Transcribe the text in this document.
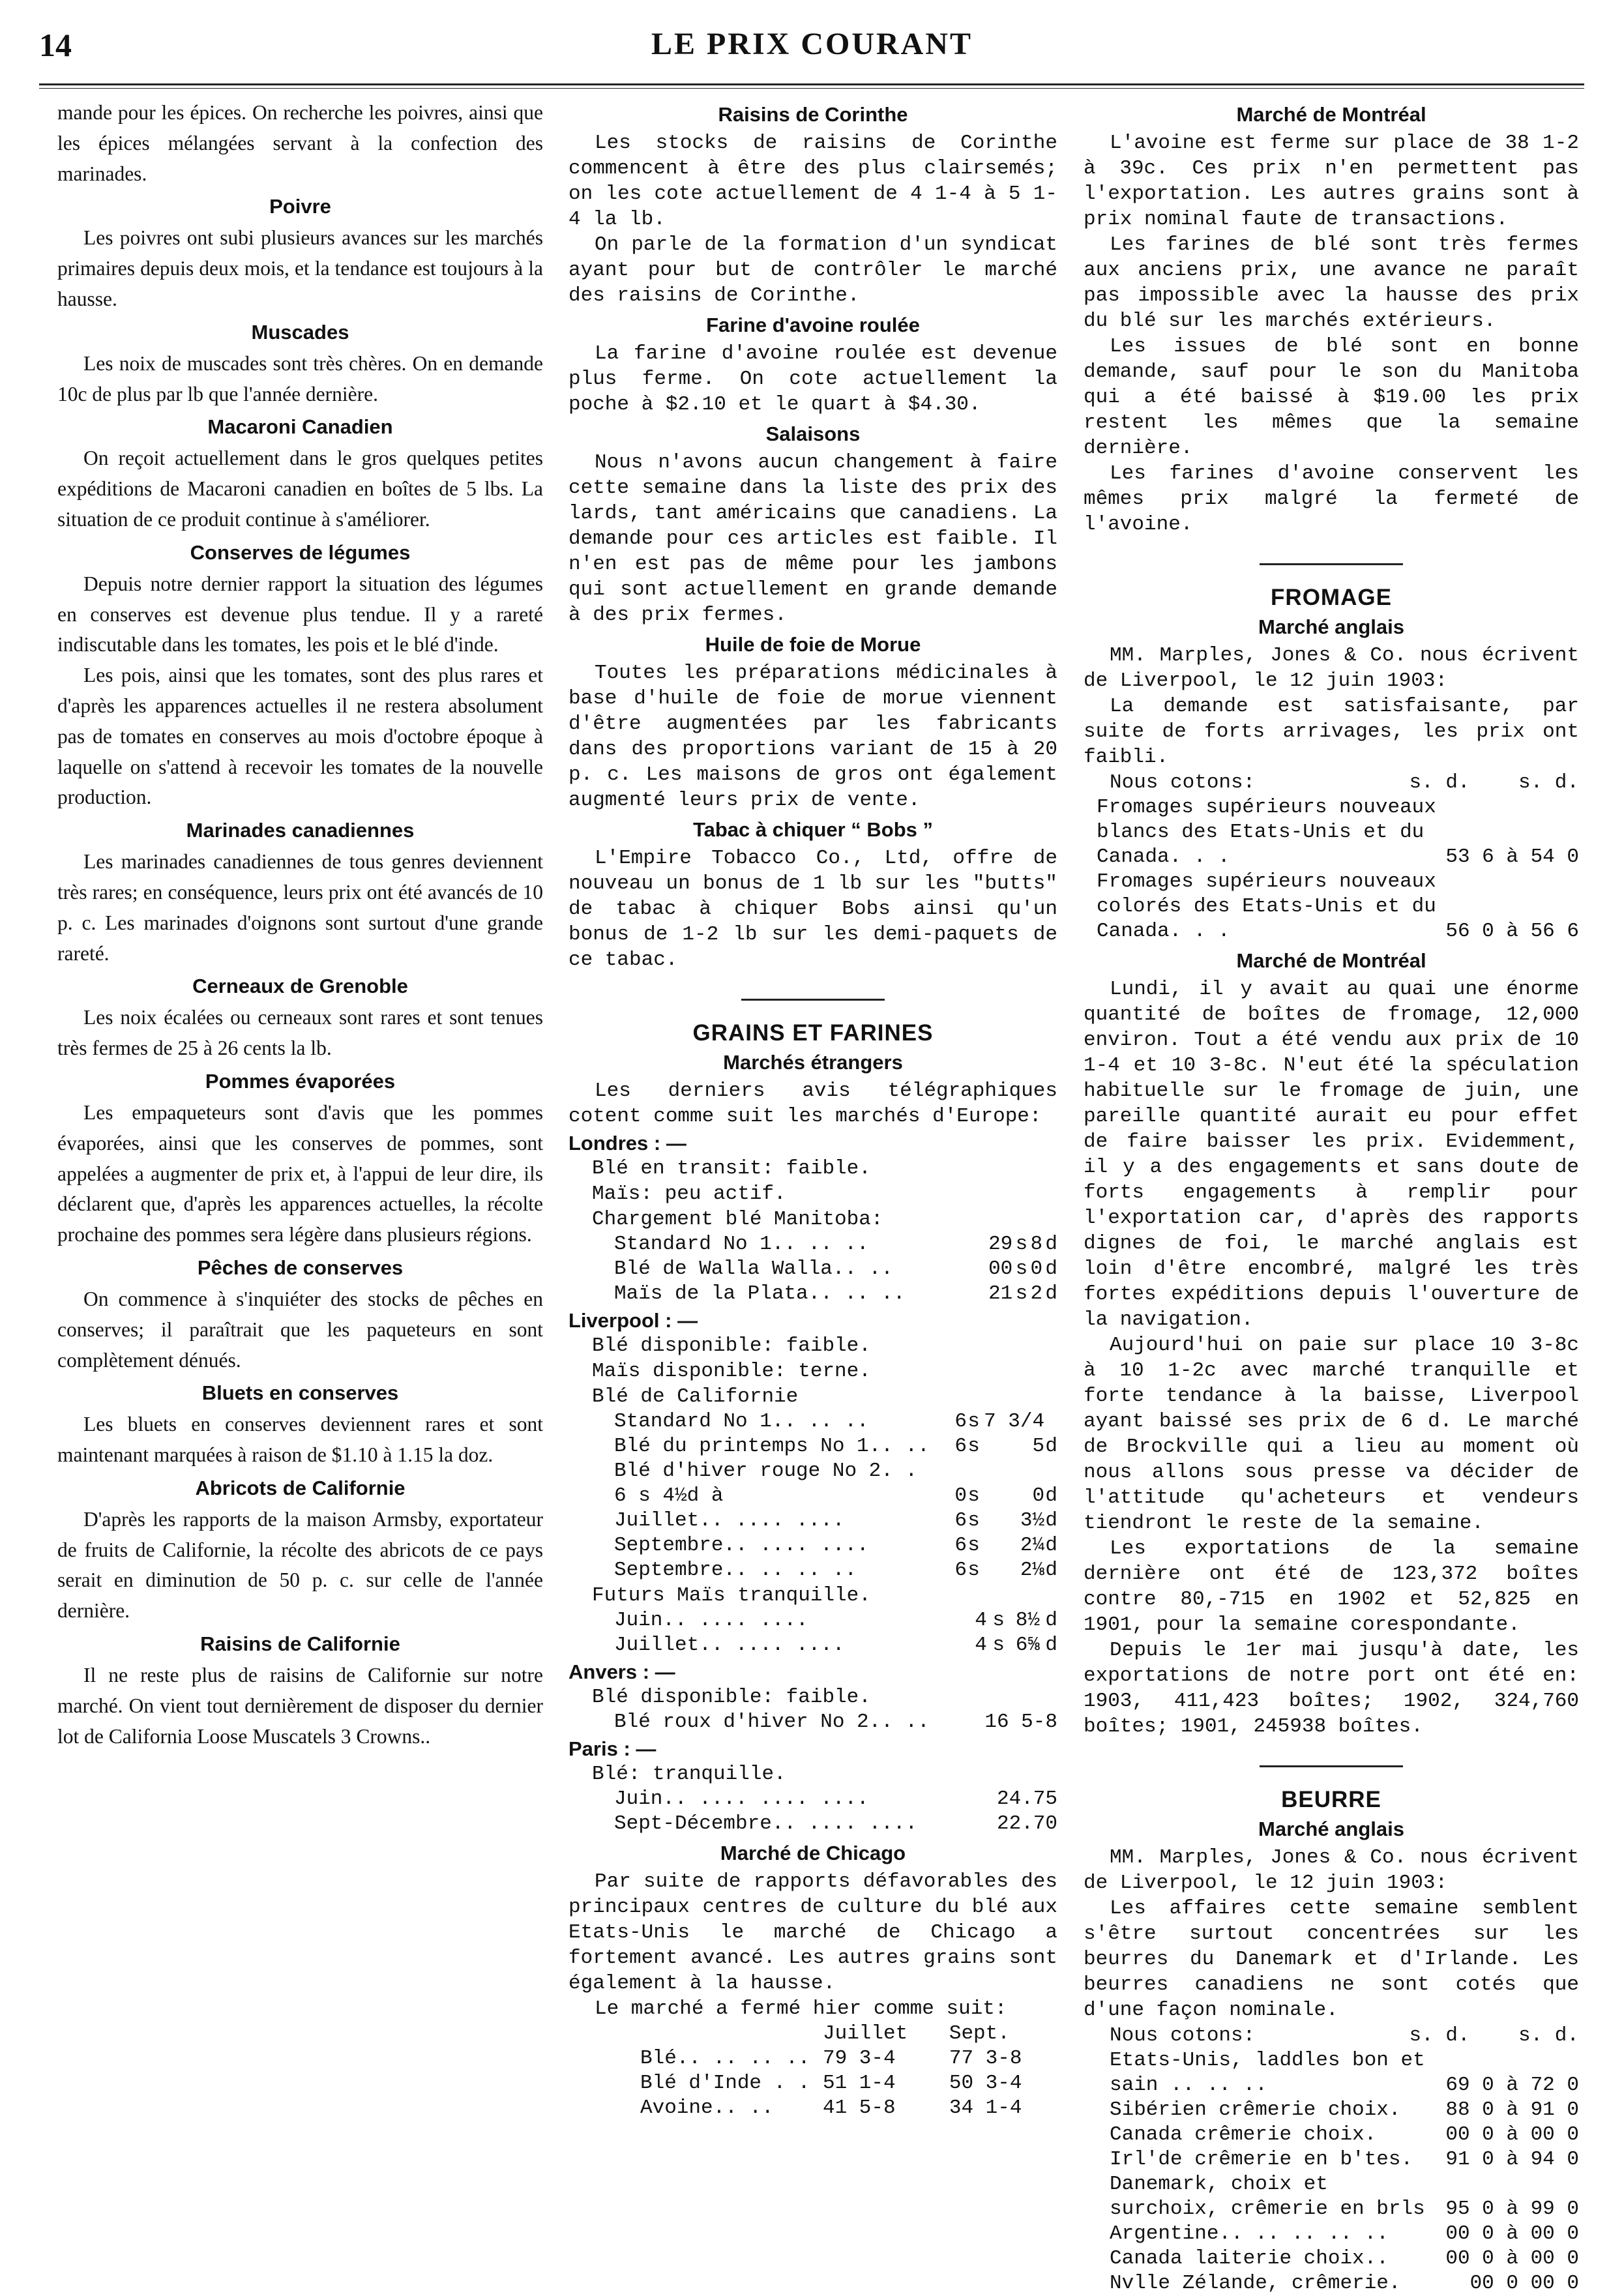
14	LE PRIX COURANT

mande pour les épices. On recherche les poivres, ainsi que les épices mélangées servant à la confection des marinades.

Poivre

Les poivres ont subi plusieurs avances sur les marchés primaires depuis deux mois, et la tendance est toujours à la hausse.

Muscades

Les noix de muscades sont très chères. On en demande 10c de plus par lb que l'année dernière.

Macaroni Canadien

On reçoit actuellement dans le gros quelques petites expéditions de Macaroni canadien en boîtes de 5 lbs. La situation de ce produit continue à s'améliorer.

Conserves de légumes

Depuis notre dernier rapport la situation des légumes en conserves est devenue plus tendue. Il y a rareté indiscutable dans les tomates, les pois et le blé d'inde.

Les pois, ainsi que les tomates, sont des plus rares et d'après les apparences actuelles il ne restera absolument pas de tomates en conserves au mois d'octobre époque à laquelle on s'attend à recevoir les tomates de la nouvelle production.

Marinades canadiennes

Les marinades canadiennes de tous genres deviennent très rares; en conséquence, leurs prix ont été avancés de 10 p. c. Les marinades d'oignons sont surtout d'une grande rareté.

Cerneaux de Grenoble

Les noix écalées ou cerneaux sont rares et sont tenues très fermes de 25 à 26 cents la lb.

Pommes évaporées

Les empaqueteurs sont d'avis que les pommes évaporées, ainsi que les conserves de pommes, sont appelées a augmenter de prix et, à l'appui de leur dire, ils déclarent que, d'après les apparences actuelles, la récolte prochaine des pommes sera légère dans plusieurs régions.

Pêches de conserves

On commence à s'inquiéter des stocks de pêches en conserves; il paraîtrait que les paqueteurs en sont complètement dénués.

Bluets en conserves

Les bluets en conserves deviennent rares et sont maintenant marquées à raison de $1.10 à 1.15 la doz.

Abricots de Californie

D'après les rapports de la maison Armsby, exportateur de fruits de Californie, la récolte des abricots de ce pays serait en diminution de 50 p. c. sur celle de l'année dernière.

Raisins de Californie

Il ne reste plus de raisins de Californie sur notre marché. On vient tout dernièrement de disposer du dernier lot de California Loose Muscatels 3 Crowns..

Raisins de Corinthe

Les stocks de raisins de Corinthe commencent à être des plus clairsemés; on les cote actuellement de 4 1-4 à 5 1-4 la lb.

On parle de la formation d'un syndicat ayant pour but de contrôler le marché des raisins de Corinthe.

Farine d'avoine roulée

La farine d'avoine roulée est devenue plus ferme. On cote actuellement la poche à $2.10 et le quart à $4.30.

Salaisons

Nous n'avons aucun changement à faire cette semaine dans la liste des prix des lards, tant américains que canadiens. La demande pour ces articles est faible. Il n'en est pas de même pour les jambons qui sont actuellement en grande demande à des prix fermes.

Huile de foie de Morue

Toutes les préparations médicinales à base d'huile de foie de morue viennent d'être augmentées par les fabricants dans des proportions variant de 15 à 20 p. c. Les maisons de gros ont également augmenté leurs prix de vente.

Tabac à chiquer “ Bobs ”

L'Empire Tobacco Co., Ltd, offre de nouveau un bonus de 1 lb sur les "butts" de tabac à chiquer Bobs ainsi qu'un bonus de 1-2 lb sur les demi-paquets de ce tabac.

GRAINS ET FARINES
Marchés étrangers

Les derniers avis télégraphiques cotent comme suit les marchés d'Europe:

Londres : —
Blé en transit: faible.
Maïs: peu actif.
Chargement blé Manitoba:
Standard No 1.. .. ..	29	s	8	d
Blé de Walla Walla.. ..	00	s	0	d
Maïs de la Plata.. .. ..	21	s	2	d
Liverpool : —
Blé disponible: faible.
Maïs disponible: terne.
Blé de Californie
Standard No 1.. .. ..	6	s	7 3/4	
Blé du printemps No 1.. ..	6	s	5	d
Blé d'hiver rouge No 2. .				
6 s 4½d à	0	s	0	d
Juillet.. .... ....	6	s	3½	d
Septembre.. .... ....	6	s	2¼	d
Septembre.. .. .. ..	6	s	2⅛	d
Futurs Maïs tranquille.
Juin.. .... ....	4	s	8½	d
Juillet.. .... ....	4	s	6⅝	d
Anvers : —
Blé disponible: faible.
Blé roux d'hiver No 2.. ..	16 5-8
Paris : —
Blé: tranquille.
Juin.. .... .... ....	24.75
Sept-Décembre.. .... ....	22.70
Marché de Chicago

Par suite de rapports défavorables des principaux centres de culture du blé aux Etats-Unis le marché de Chicago a fortement avancé. Les autres grains sont également à la hausse.

Le marché a fermé hier comme suit:

	Juillet	Sept.
Blé.. .. .. ..	79 3-4	77 3-8
Blé d'Inde . .	51 1-4	50 3-4
Avoine.. ..	41 5-8	34 1-4
Marché de Montréal

L'avoine est ferme sur place de 38 1-2 à 39c. Ces prix n'en permettent pas l'exportation. Les autres grains sont à prix nominal faute de transactions.

Les farines de blé sont très fermes aux anciens prix, une avance ne paraît pas impossible avec la hausse des prix du blé sur les marchés extérieurs.

Les issues de blé sont en bonne demande, sauf pour le son du Manitoba qui a été baissé à $19.00 les prix restent les mêmes que la semaine dernière.

Les farines d'avoine conservent les mêmes prix malgré la fermeté de l'avoine.

FROMAGE
Marché anglais

MM. Marples, Jones & Co. nous écrivent de Liverpool, le 12 juin 1903:

La demande est satisfaisante, par suite de forts arrivages, les prix ont faibli.

Nous cotons:	s. d. s. d.
Fromages supérieurs nouveaux blancs des Etats-Unis et du Canada. . .	53 6 à 54 0
Fromages supérieurs nouveaux colorés des Etats-Unis et du Canada. . .	56 0 à 56 6
Marché de Montréal

Lundi, il y avait au quai une énorme quantité de boîtes de fromage, 12,000 environ. Tout a été vendu aux prix de 10 1-4 et 10 3-8c. N'eut été la spéculation habituelle sur le fromage de juin, une pareille quantité aurait eu pour effet de faire baisser les prix. Evidemment, il y a des engagements et sans doute de forts engagements à remplir pour l'exportation car, d'après des rapports dignes de foi, le marché anglais est loin d'être encombré, malgré les très fortes expéditions depuis l'ouverture de la navigation.

Aujourd'hui on paie sur place 10 3-8c à 10 1-2c avec marché tranquille et forte tendance à la baisse, Liverpool ayant baissé ses prix de 6 d. Le marché de Brockville qui a lieu au moment où nous allons sous presse va décider de l'attitude qu'acheteurs et vendeurs tiendront le reste de la semaine.

Les exportations de la semaine dernière ont été de 123,372 boîtes contre 80,-715 en 1902 et 52,825 en 1901, pour la semaine corespondante.

Depuis le 1er mai jusqu'à date, les exportations de notre port ont été en: 1903, 411,423 boîtes; 1902, 324,760 boîtes; 1901, 245938 boîtes.

BEURRE
Marché anglais

MM. Marples, Jones & Co. nous écrivent de Liverpool, le 12 juin 1903:

Les affaires cette semaine semblent s'être surtout concentrées sur les beurres du Danemark et d'Irlande. Les beurres canadiens ne sont cotés que d'une façon nominale.

Nous cotons:	s. d. s. d.
Etats-Unis, laddles bon et sain .. .. ..	69 0 à 72 0
Sibérien crêmerie choix.	88 0 à 91 0
Canada crêmerie choix.	00 0 à 00 0
Irl'de crêmerie en b'tes.	91 0 à 94 0
Danemark, choix et surchoix, crêmerie en brls	95 0 à 99 0
Argentine.. .. .. .. ..	00 0 à 00 0
Canada laiterie choix..	00 0 à 00 0
Nvlle Zélande, crêmerie.	00 0 00 0
